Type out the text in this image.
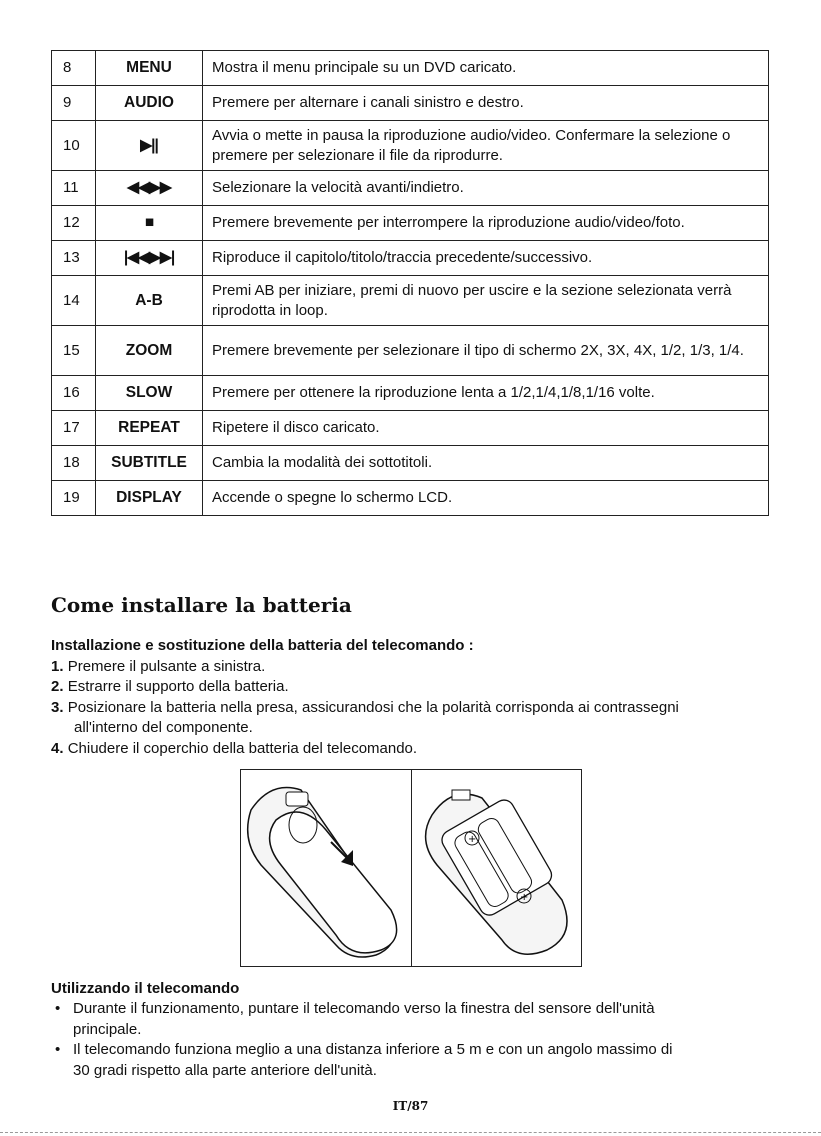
8	MENU	Mostra il menu principale su un DVD caricato.
9	AUDIO	Premere per alternare i canali sinistro e destro.
10	▶||	Avvia o mette in pausa la riproduzione audio/video. Confermare la selezione o premere per selezionare il file da riprodurre.
11	◀◀▶▶	Selezionare la velocità avanti/indietro.
12	■	Premere brevemente per interrompere la riproduzione audio/video/foto.
13	|◀◀▶▶|	Riproduce il capitolo/titolo/traccia precedente/successivo.
14	A-B	Premi AB per iniziare, premi di nuovo per uscire e la sezione selezionata verrà riprodotta in loop.
15	ZOOM	Premere brevemente per selezionare il tipo di schermo 2X, 3X, 4X, 1/2, 1/3, 1/4.
16	SLOW	Premere per ottenere la riproduzione lenta a 1/2,1/4,1/8,1/16 volte.
17	REPEAT	Ripetere il disco caricato.
18	SUBTITLE	Cambia la modalità dei sottotitoli.
19	DISPLAY	Accende o spegne lo schermo LCD.
Come installare la batteria
Installazione e sostituzione della batteria del telecomando :
1. Premere il pulsante a sinistra.
2. Estrarre il supporto della batteria.
3. Posizionare la batteria nella presa, assicurandosi che la polarità corrisponda ai contrassegni
all'interno del componente.
4. Chiudere il coperchio della batteria del telecomando.
+
+
Utilizzando il telecomando
• Durante il funzionamento, puntare il telecomando verso la finestra del sensore dell'unità
principale.
• Il telecomando funziona meglio a una distanza inferiore a 5 m e con un angolo massimo di
30 gradi rispetto alla parte anteriore dell'unità.
IT/87
